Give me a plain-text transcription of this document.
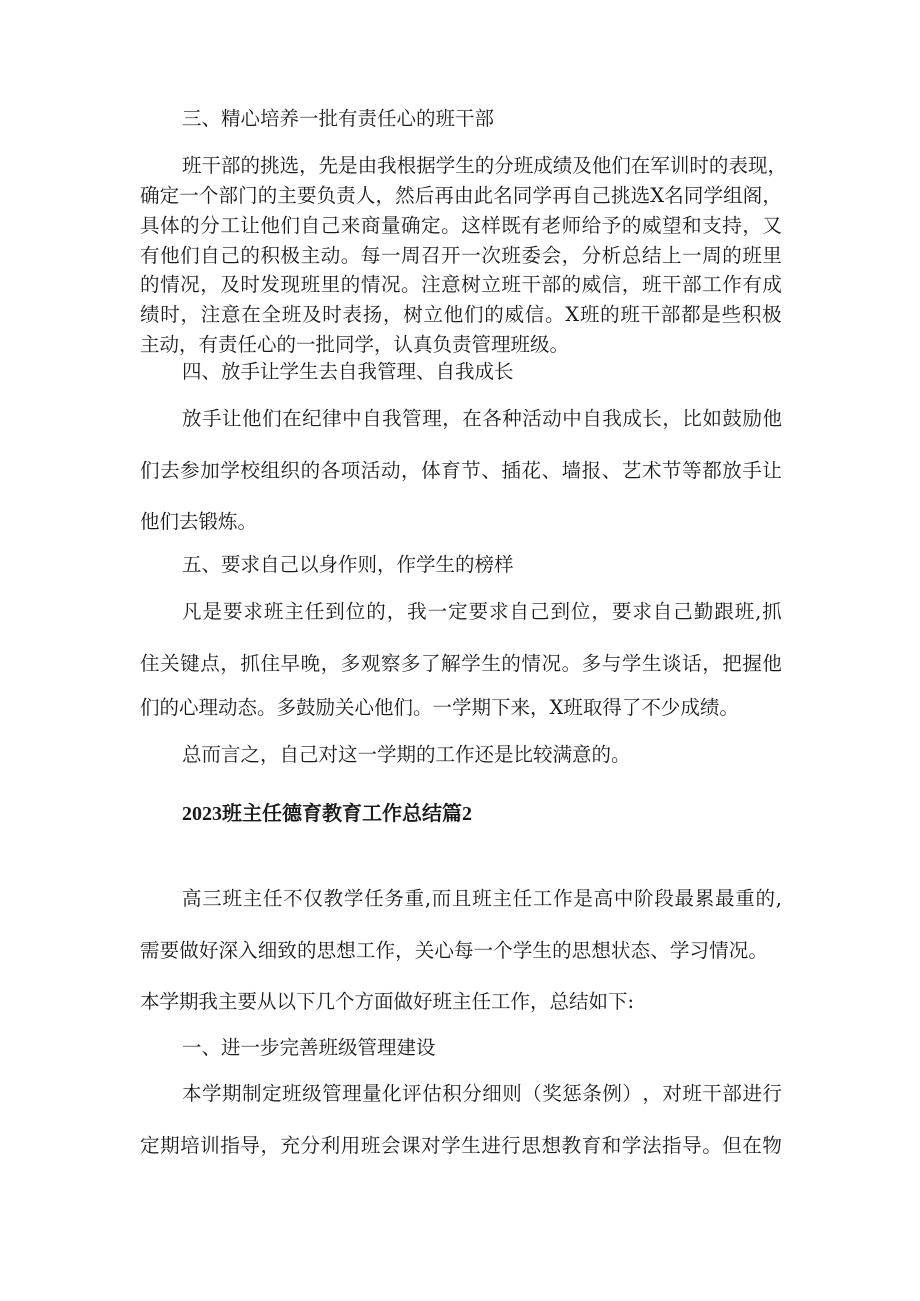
三、精心培养一批有责任心的班干部
班 干 部 的 挑 选 ， 先 是 由 我 根 据 学 生 的 分 班 成 绩 及 他 们 在 军 训 时 的 表 现 ，
确 定 一 个 部 门 的 主 要 负 责 人 ， 然 后 再 由 此 名 同 学 再 自 己 挑 选 X 名 同 学 组 阁 ，
具 体 的 分 工 让 他 们 自 己 来 商 量 确 定 。 这 样 既 有 老 师 给 予 的 威 望 和 支 持 ， 又
有 他 们 自 己 的 积 极 主 动 。 每 一 周 召 开 一 次 班 委 会 ， 分 析 总 结 上 一 周 的 班 里
的 情 况 ， 及 时 发 现 班 里 的 情 况 。 注 意 树 立 班 干 部 的 威 信 ， 班 干 部 工 作 有 成
绩 时 ， 注 意 在 全 班 及 时 表 扬 ， 树 立 他 们 的 威 信 。 X 班 的 班 干 部 都 是 些 积 极
主动，有责任心的一批同学，认真负责管理班级。
四、放手让学生去自我管理、自我成长
放 手 让 他 们 在 纪 律 中 自 我 管 理 ， 在 各 种 活 动 中 自 我 成 长 ， 比 如 鼓 励 他
们 去 参 加 学 校 组 织 的 各 项 活 动 ， 体 育 节 、 插 花 、 墙 报 、 艺 术 节 等 都 放 手 让
他们去锻炼。
五、要求自己以身作则，作学生的榜样
凡 是 要 求 班 主 任 到 位 的 ， 我 一 定 要 求 自 己 到 位 ， 要 求 自 己 勤 跟 班 , 抓
住 关 键 点 ， 抓 住 早 晚 ， 多 观 察 多 了 解 学 生 的 情 况 。 多 与 学 生 谈 话 ， 把 握 他
们的心理动态。多鼓励关心他们。一学期下来，X班取得了不少成绩。
总而言之，自己对这一学期的工作还是比较满意的。
2023班主任德育教育工作总结篇2
高 三 班 主 任 不 仅 教 学 任 务 重 , 而 且 班 主 任 工 作 是 高 中 阶 段 最 累 最 重 的 ,
需 要 做 好 深 入 细 致 的 思 想 工 作 ， 关 心 每 一 个 学 生 的 思 想 状 态 、 学 习 情 况 。
本学期我主要从以下几个方面做好班主任工作，总结如下:
一、进一步完善班级管理建设
本 学 期 制 定 班 级 管 理 量 化 评 估 积 分 细 则 （ 奖 惩 条 例 ） ， 对 班 干 部 进 行
定 期 培 训 指 导 ， 充 分 利 用 班 会 课 对 学 生 进 行 思 想 教 育 和 学 法 指 导 。 但 在 物
